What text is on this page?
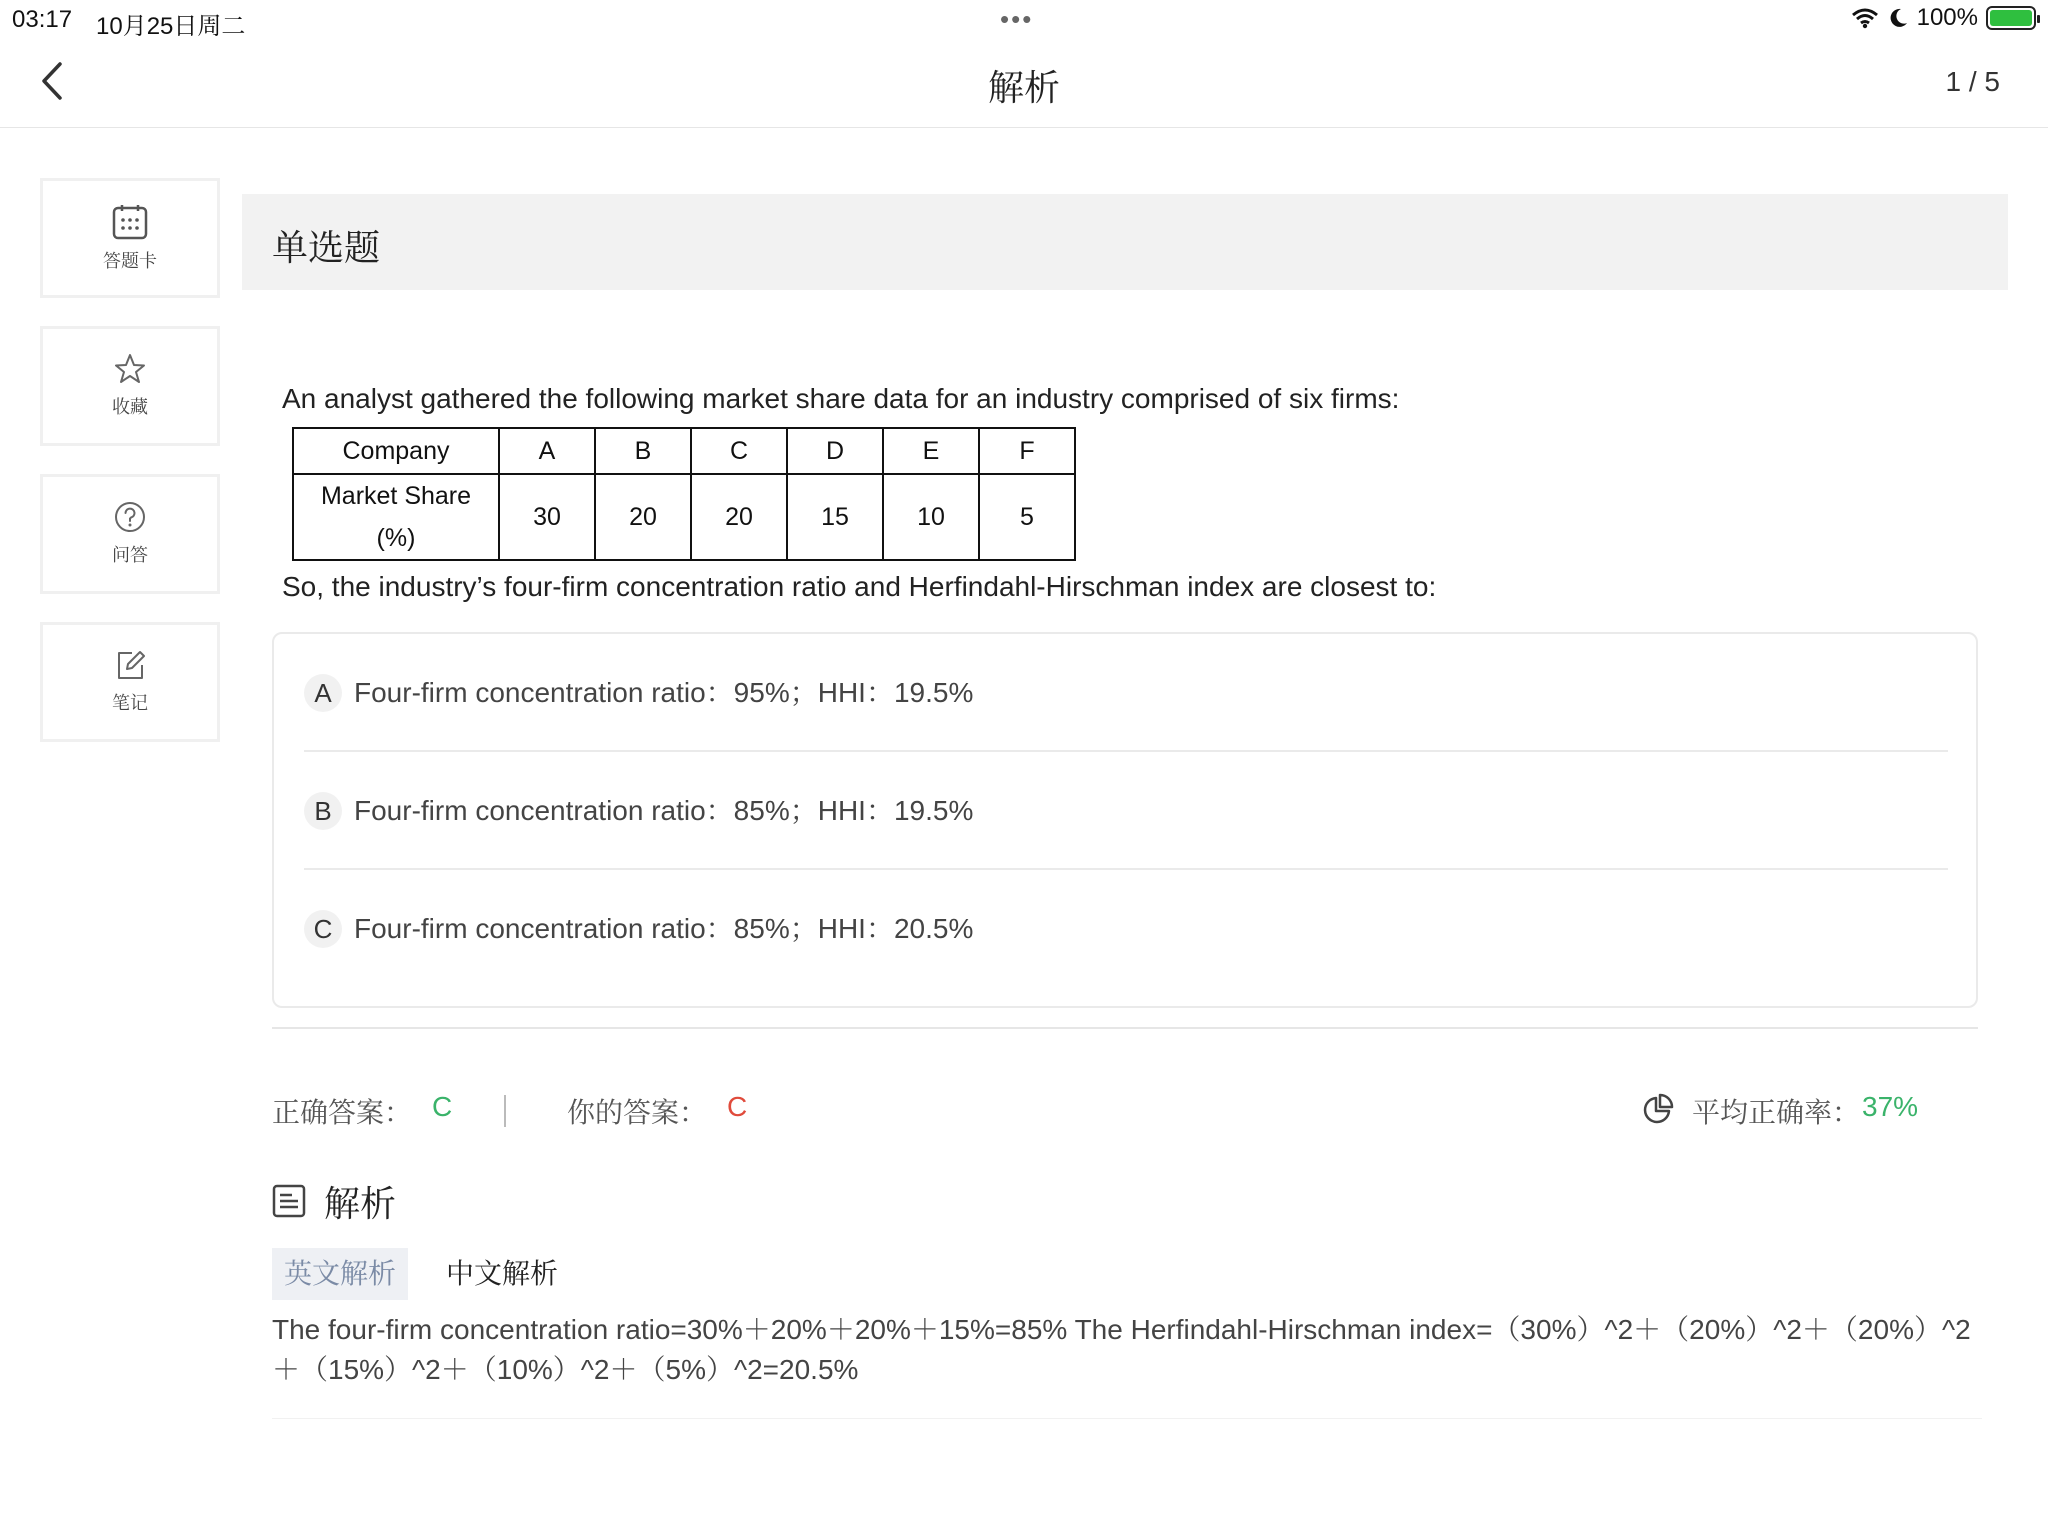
03:17 10月25日周二	•••	100%
解析	1 / 5
答题卡
收藏
问答
笔记
单选题
An analyst gathered the following market share data for an industry comprised of six firms:
Company	A	B	C	D	E	F

Market Share
(%)	30	20	20	15	10	5
So, the industry’s four-firm concentration ratio and Herfindahl-Hirschman index are closest to:
A Four-firm concentration ratio：95%；HHI：19.5%
B Four-firm concentration ratio：85%；HHI：19.5%
C Four-firm concentration ratio：85%；HHI：20.5%
正确答案： C	你的答案： C	平均正确率： 37%
解析
英文解析	中文解析
The four-firm concentration ratio=30%＋20%＋20%＋15%=85% The Herfindahl-Hirschman index=（30%）^2＋（20%）^2＋（20%）^2
＋（15%）^2＋（10%）^2＋（5%）^2=20.5%
